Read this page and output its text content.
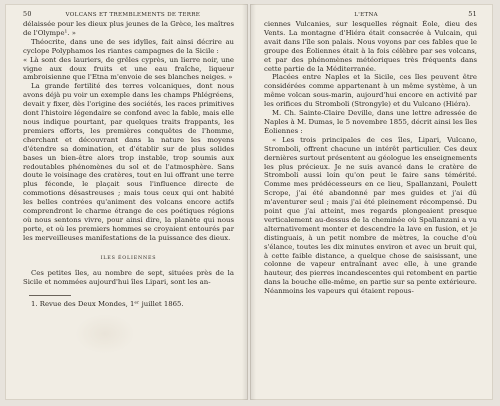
50	VOLCANS ET TREMBLEMENTS DE TERRE

délaissée pour les dieux plus jeunes de la Grèce, les maîtres de l'Olympe¹. »

Théocrite, dans une de ses idylles, fait ainsi décrire au cyclope Polyphamos les riantes campagnes de la Sicile :

« Là sont des lauriers, de grêles cyprès, un lierre noir, une vigne aux doux fruits et une eau fraîche, liqueur ambroisienne que l'Etna m'envoie de ses blanches neiges. »

La grande fertilité des terres volcaniques, dont nous avons déjà pu voir un exemple dans les champs Phlégréens, devait y fixer, dès l'origine des sociétés, les races primitives dont l'histoire légendaire se confond avec la fable, mais elle nous indique pourtant, par quelques traits frappants, les premiers efforts, les premières conquêtes de l'homme, cherchant et découvrant dans la nature les moyens d'étendre sa domination, et d'établir sur de plus solides bases un bien-être alors trop instable, trop soumis aux redoutables phénomènes du sol et de l'atmosphère. Sans doute le voisinage des cratères, tout en lui offrant une terre plus féconde, le plaçait sous l'influence directe de commotions désastreuses ; mais tous ceux qui ont habité les belles contrées qu'animent des volcans encore actifs comprendront le charme étrange de ces poétiques régions où nous sentons vivre, pour ainsi dire, la planète qui nous porte, et où les premiers hommes se croyaient entourés par les merveilleuses manifestations de la puissance des dieux.

ILES ÉOLIENNES

Ces petites îles, au nombre de sept, situées près de la Sicile et nommées aujourd'hui îles Lipari, sont les an-

1. Revue des Deux Mondes, 1ᵉʳ juillet 1865.

L'ETNA	51

ciennes Vulcanies, sur lesquelles régnait Éole, dieu des Vents. La montagne d'Hiéra était consacrée à Vulcain, qui avait dans l'île son palais. Nous voyons par ces fables que le groupe des Éoliennes était à la fois célèbre par ses volcans, et par des phénomènes météoriques très fréquents dans cette partie de la Méditerranée.

Placées entre Naples et la Sicile, ces îles peuvent être considérées comme appartenant à un même système, à un même volcan sous-marin, aujourd'hui encore en activité par les orifices du Stromboli (Strongyle) et du Vulcano (Hiéra).

M. Ch. Sainte-Claire Deville, dans une lettre adressée de Naples à M. Dumas, le 5 novembre 1855, décrit ainsi les îles Éoliennes :

« Les trois principales de ces îles, Lipari, Vulcano, Stromboli, offrent chacune un intérêt particulier. Ces deux dernières surtout présentent au géologue les enseignements les plus précieux. Je ne suis avancé dans le cratère de Stromboli aussi loin qu'on peut le faire sans témérité. Comme mes prédécesseurs en ce lieu, Spallanzani, Poulett Scrope, j'ai été abandonné par mes guides et j'ai dû m'aventurer seul ; mais j'ai été pleinement récompensé. Du point que j'ai atteint, mes regards plongeaient presque verticalement au-dessus de la cheminée où Spallanzani a vu alternativement monter et descendre la lave en fusion, et je distinguais, à un petit nombre de mètres, la couche d'où s'élance, toutes les dix minutes environ et avec un bruit qui, à cette faible distance, a quelque chose de saisissant, une colonne de vapeur entraînant avec elle, à une grande hauteur, des pierres incandescentes qui retombent en partie dans la bouche elle-même, en partie sur sa pente extérieure. Néanmoins les vapeurs qui étaient repous-
